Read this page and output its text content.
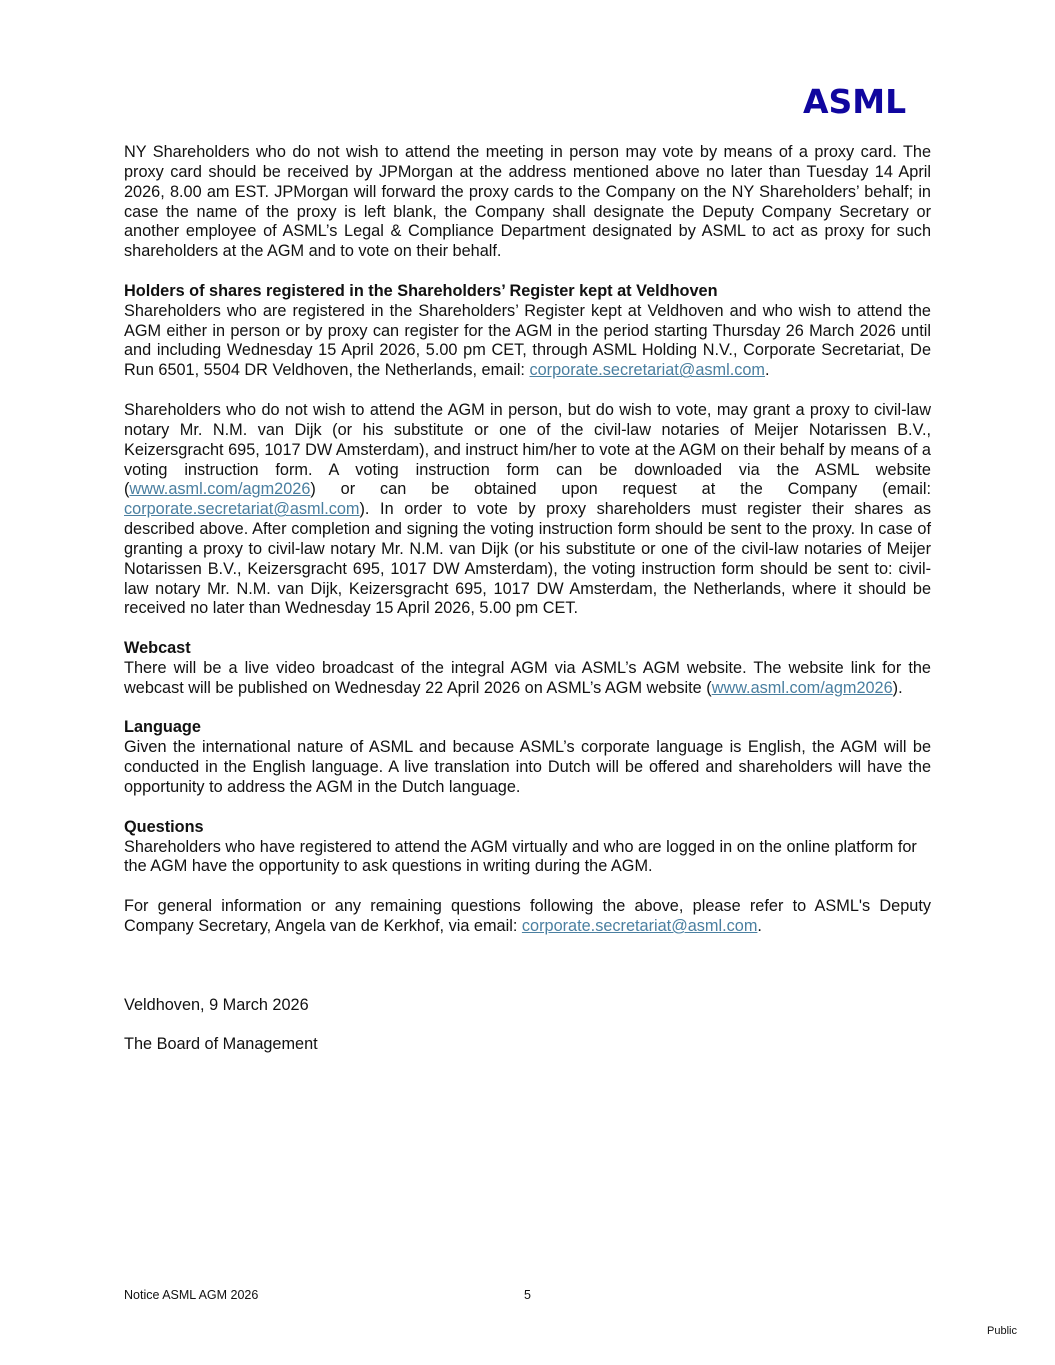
ASML

NY Shareholders who do not wish to attend the meeting in person may vote by means of a proxy card. The proxy card should be received by JPMorgan at the address mentioned above no later than Tuesday 14 April 2026, 8.00 am EST. JPMorgan will forward the proxy cards to the Company on the NY Shareholders’ behalf; in case the name of the proxy is left blank, the Company shall designate the Deputy Company Secretary or another employee of ASML’s Legal & Compliance Department designated by ASML to act as proxy for such shareholders at the AGM and to vote on their behalf.

Holders of shares registered in the Shareholders’ Register kept at Veldhoven
Shareholders who are registered in the Shareholders’ Register kept at Veldhoven and who wish to attend the AGM either in person or by proxy can register for the AGM in the period starting Thursday 26 March 2026 until and including Wednesday 15 April 2026, 5.00 pm CET, through ASML Holding N.V., Corporate Secretariat, De Run 6501, 5504 DR Veldhoven, the Netherlands, email: corporate.secretariat@asml.com.

Shareholders who do not wish to attend the AGM in person, but do wish to vote, may grant a proxy to civil-law notary Mr. N.M. van Dijk (or his substitute or one of the civil-law notaries of Meijer Notarissen B.V., Keizersgracht 695, 1017 DW Amsterdam), and instruct him/her to vote at the AGM on their behalf by means of a voting instruction form. A voting instruction form can be downloaded via the ASML website (www.asml.com/agm2026) or can be obtained upon request at the Company (email: corporate.secretariat@asml.com). In order to vote by proxy shareholders must register their shares as described above. After completion and signing the voting instruction form should be sent to the proxy. In case of granting a proxy to civil-law notary Mr. N.M. van Dijk (or his substitute or one of the civil-law notaries of Meijer Notarissen B.V., Keizersgracht 695, 1017 DW Amsterdam), the voting instruction form should be sent to: civil-law notary Mr. N.M. van Dijk, Keizersgracht 695, 1017 DW Amsterdam, the Netherlands, where it should be received no later than Wednesday 15 April 2026, 5.00 pm CET.

Webcast
There will be a live video broadcast of the integral AGM via ASML’s AGM website. The website link for the webcast will be published on Wednesday 22 April 2026 on ASML’s AGM website (www.asml.com/agm2026).

Language
Given the international nature of ASML and because ASML’s corporate language is English, the AGM will be conducted in the English language. A live translation into Dutch will be offered and shareholders will have the opportunity to address the AGM in the Dutch language.

Questions
Shareholders who have registered to attend the AGM virtually and who are logged in on the online platform for the AGM have the opportunity to ask questions in writing during the AGM.

For general information or any remaining questions following the above, please refer to ASML's Deputy Company Secretary, Angela van de Kerkhof, via email: corporate.secretariat@asml.com.

Veldhoven, 9 March 2026

The Board of Management

Notice ASML AGM 2026	5
Public
